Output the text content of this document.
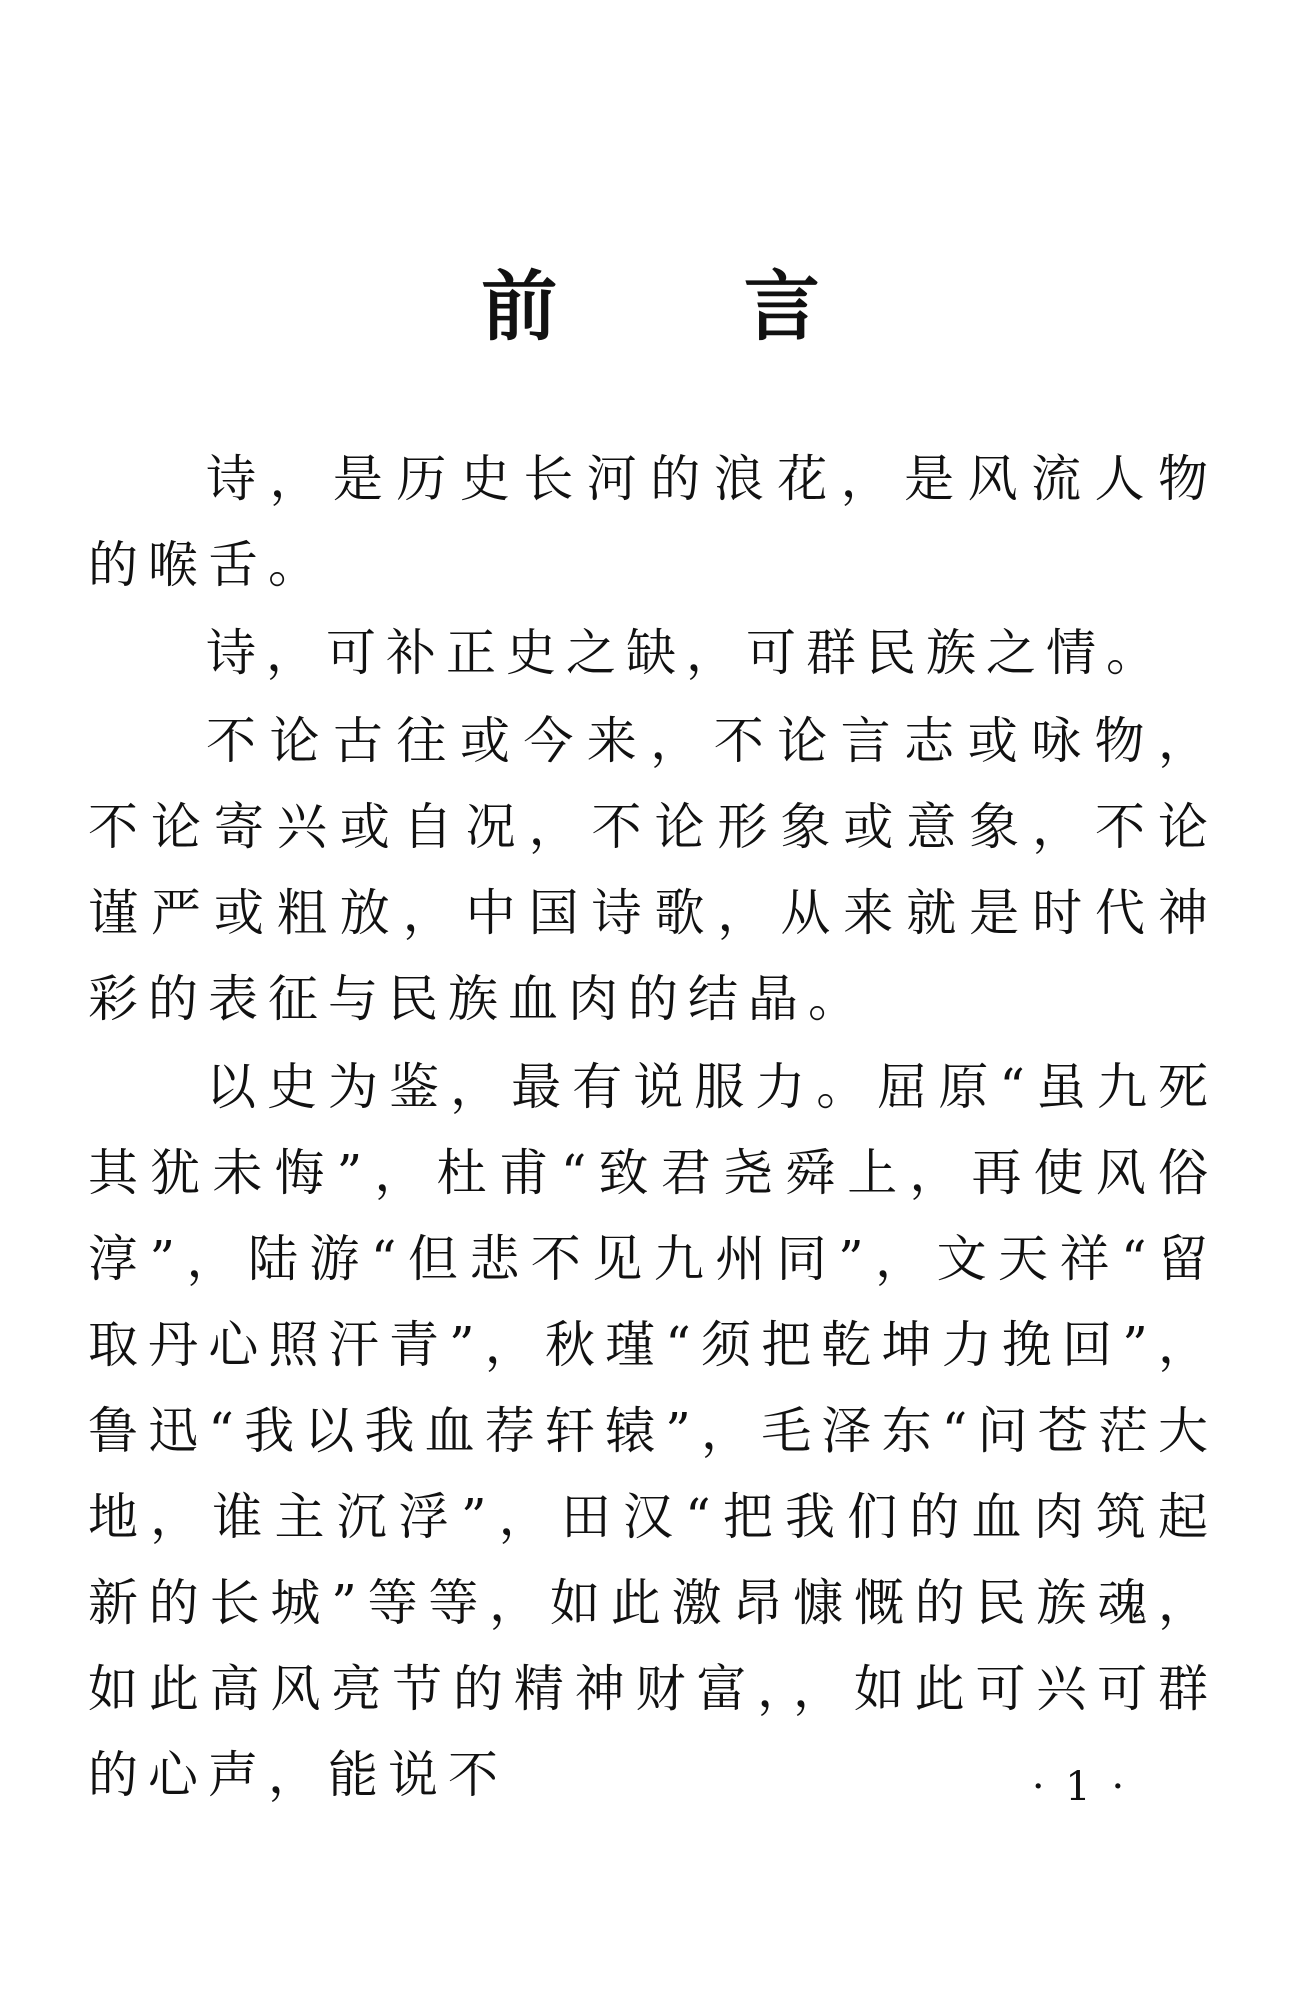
前 言

诗，是历史长河的浪花，是风流人物的喉舌。

诗，可补正史之缺，可群民族之情。

不论古往或今来，不论言志或咏物，不论寄兴或自况，不论形象或意象，不论谨严或粗放，中国诗歌，从来就是时代神彩的表征与民族血肉的结晶。

以史为鉴，最有说服力。屈原“虽九死其犹未悔”，杜甫“致君尧舜上，再使风俗淳”，陆游“但悲不见九州同”，文天祥“留取丹心照汗青”，秋瑾“须把乾坤力挽回”，鲁迅“我以我血荐轩辕”，毛泽东“问苍茫大地，谁主沉浮”，田汉“把我们的血肉筑起新的长城”等等，如此激昂慷慨的民族魂，如此高风亮节的精神财富，，如此可兴可群的心声，能说不	· 1 ·
